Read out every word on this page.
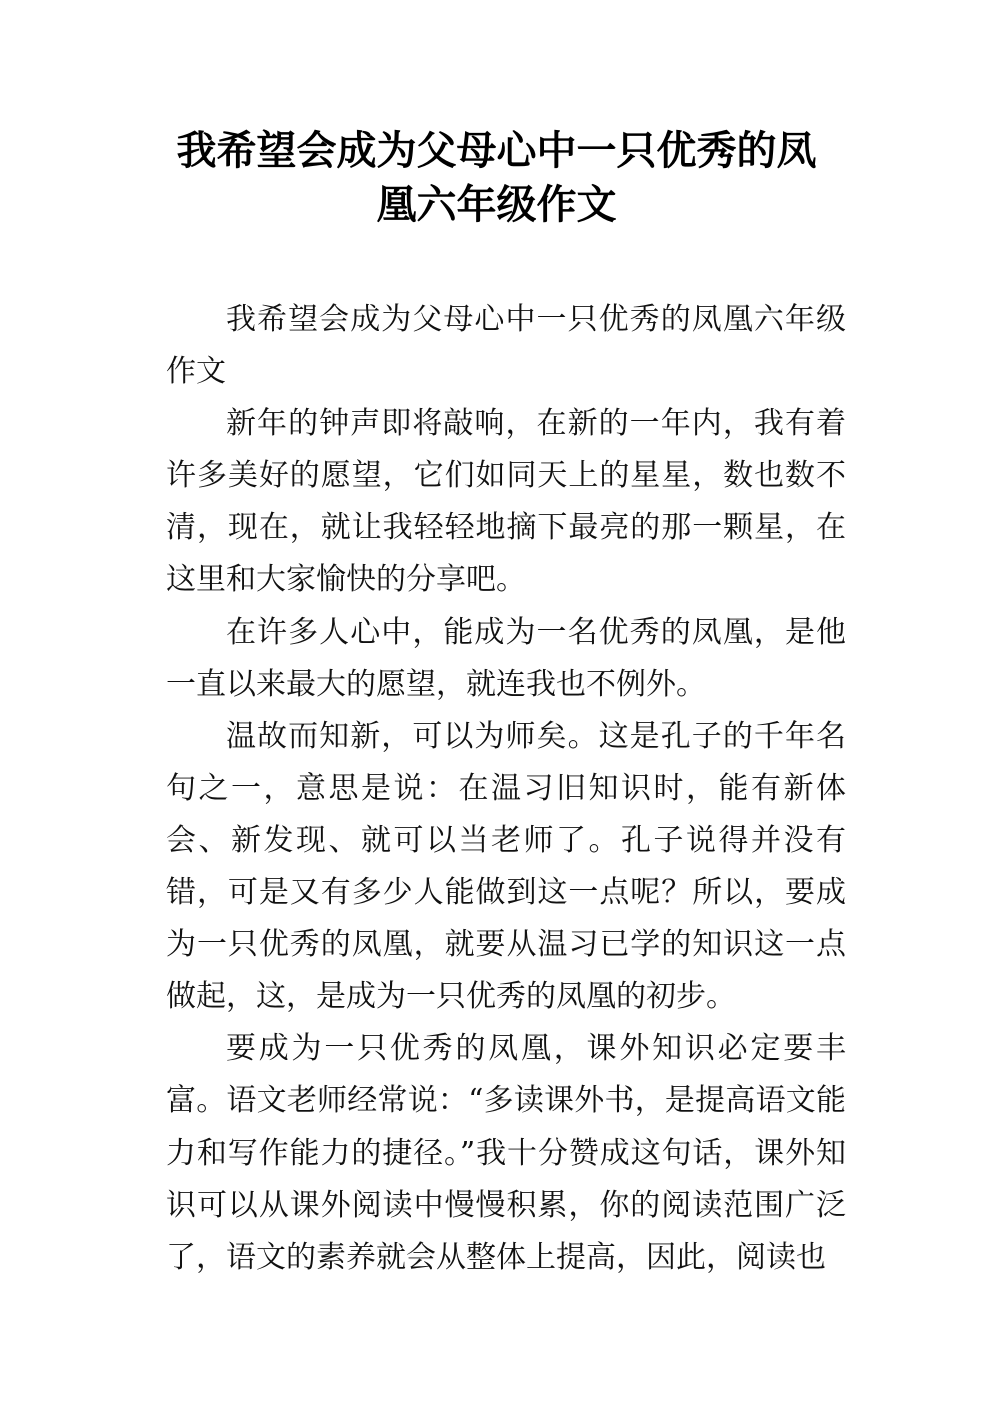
我希望会成为父母心中一只优秀的凤
凰六年级作文

我希望会成为父母心中一只优秀的凤凰六年级作文

新年的钟声即将敲响，在新的一年内，我有着许多美好的愿望，它们如同天上的星星，数也数不清，现在，就让我轻轻地摘下最亮的那一颗星，在这里和大家愉快的分享吧。

在许多人心中，能成为一名优秀的凤凰，是他一直以来最大的愿望，就连我也不例外。

温故而知新，可以为师矣。这是孔子的千年名句之一，意思是说：在温习旧知识时，能有新体会、新发现、就可以当老师了。孔子说得并没有错，可是又有多少人能做到这一点呢？所以，要成为一只优秀的凤凰，就要从温习已学的知识这一点做起，这，是成为一只优秀的凤凰的初步。

要成为一只优秀的凤凰，课外知识必定要丰富。语文老师经常说：“多读课外书，是提高语文能力和写作能力的捷径。”我十分赞成这句话，课外知识可以从课外阅读中慢慢积累，你的阅读范围广泛了，语文的素养就会从整体上提高，因此，阅读也
